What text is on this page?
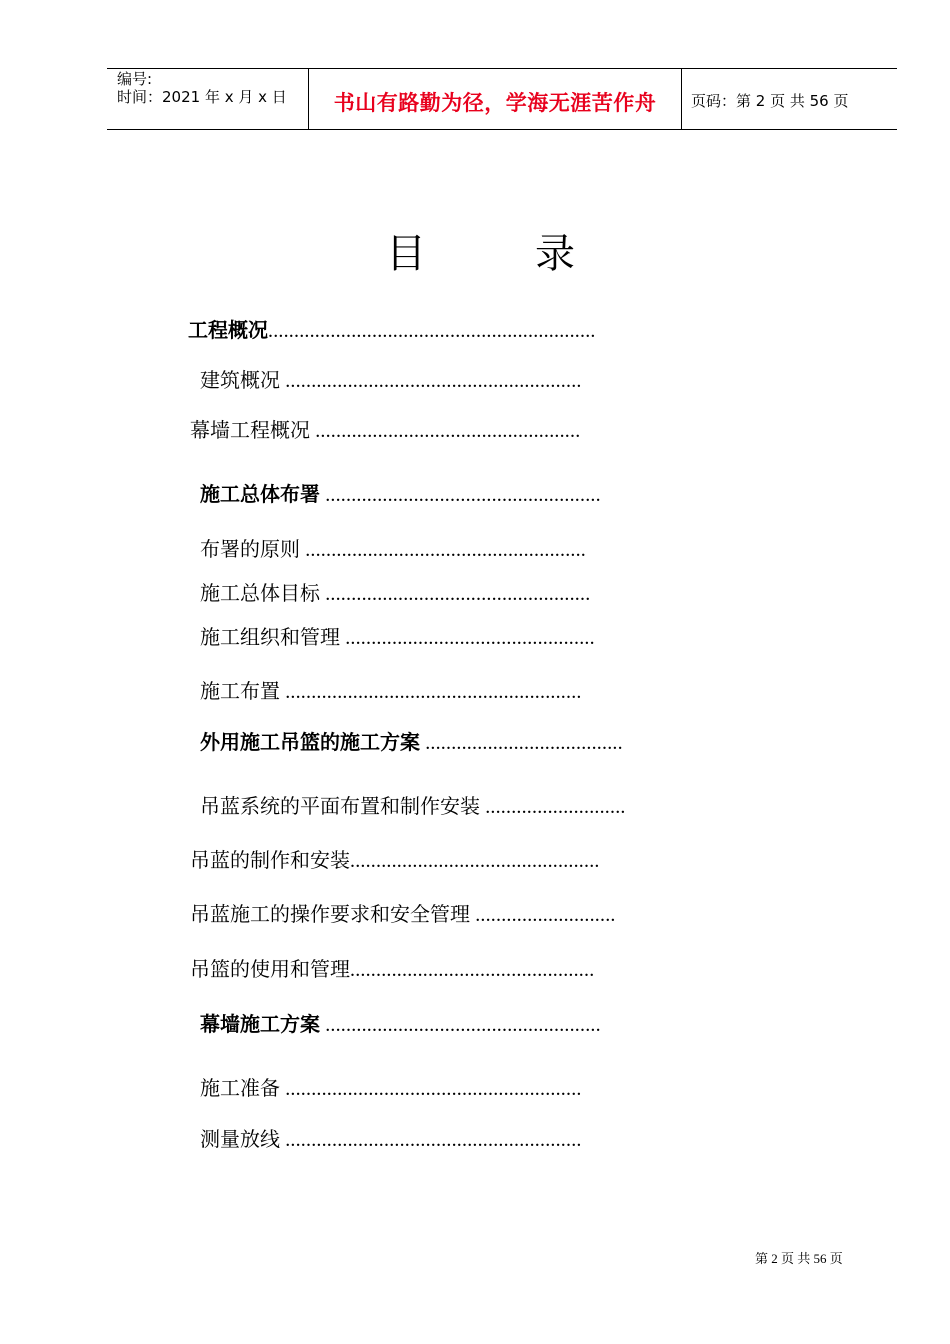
编号:
时间：2021 年 x 月 x 日	书山有路勤为径，学海无涯苦作舟	页码：第 2 页 共 56 页
目	录
工程概况...............................................................
建筑概况 .........................................................
幕墙工程概况 ...................................................
施工总体布署 .....................................................
布署的原则 ......................................................
施工总体目标 ...................................................
施工组织和管理 ................................................
施工布置 .........................................................
外用施工吊篮的施工方案 ......................................
吊蓝系统的平面布置和制作安装 ...........................
吊蓝的制作和安装................................................
吊蓝施工的操作要求和安全管理 ...........................
吊篮的使用和管理...............................................
幕墙施工方案 .....................................................
施工准备 .........................................................
测量放线 .........................................................
第 2 页 共 56 页
